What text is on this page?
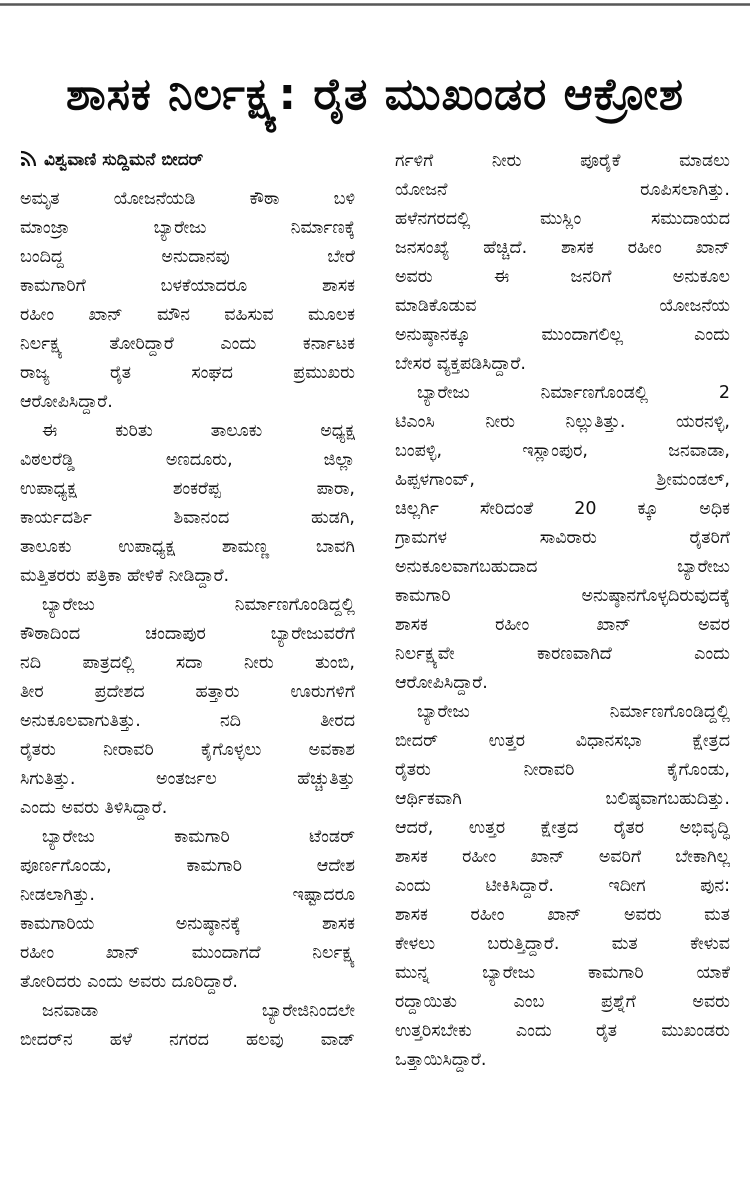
ಶಾಸಕ ನಿರ್ಲಕ್ಷ್ಯ: ರೈತ ಮುಖಂಡರ ಆಕ್ರೋಶ
ವಿಶ್ವವಾಣಿ ಸುದ್ದಿಮನೆ ಬೀದರ್
ಅಮೃತ ಯೋಜನೆಯಡಿ ಕೌಠಾ ಬಳಿ
ಮಾಂಜ್ರಾ ಬ್ಯಾರೇಜು ನಿರ್ಮಾಣಕ್ಕೆ
ಬಂದಿದ್ದ ಅನುದಾನವು ಬೇರೆ
ಕಾಮಗಾರಿಗೆ ಬಳಕೆಯಾದರೂ ಶಾಸಕ
ರಹೀಂ ಖಾನ್ ಮೌನ ವಹಿಸುವ ಮೂಲಕ
ನಿರ್ಲಕ್ಷ್ಯ ತೋರಿದ್ದಾರೆ ಎಂದು ಕರ್ನಾಟಕ
ರಾಜ್ಯ ರೈತ ಸಂಘದ ಪ್ರಮುಖರು
ಆರೋಪಿಸಿದ್ದಾರೆ.
ಈ ಕುರಿತು ತಾಲೂಕು ಅಧ್ಯಕ್ಷ
ವಿಠಲರೆಡ್ಡಿ ಅಣದೂರು, ಜಿಲ್ಲಾ
ಉಪಾಧ್ಯಕ್ಷ ಶಂಕರೆಪ್ಪ ಪಾರಾ,
ಕಾರ್ಯದರ್ಶಿ ಶಿವಾನಂದ ಹುಡಗಿ,
ತಾಲೂಕು ಉಪಾಧ್ಯಕ್ಷ ಶಾಮಣ್ಣ ಬಾವಗಿ
ಮತ್ತಿತರರು ಪತ್ರಿಕಾ ಹೇಳಿಕೆ ನೀಡಿದ್ದಾರೆ.
ಬ್ಯಾರೇಜು ನಿರ್ಮಾಣಗೊಂಡಿದ್ದಲ್ಲಿ
ಕೌಠಾದಿಂದ ಚಂದಾಪುರ ಬ್ಯಾರೇಜುವರೆಗೆ
ನದಿ ಪಾತ್ರದಲ್ಲಿ ಸದಾ ನೀರು ತುಂಬಿ,
ತೀರ ಪ್ರದೇಶದ ಹತ್ತಾರು ಊರುಗಳಿಗೆ
ಅನುಕೂಲವಾಗುತಿತ್ತು. ನದಿ ತೀರದ
ರೈತರು ನೀರಾವರಿ ಕೈಗೊಳ್ಳಲು ಅವಕಾಶ
ಸಿಗುತಿತ್ತು. ಅಂತರ್ಜಲ ಹೆಚ್ಚುತಿತ್ತು
ಎಂದು ಅವರು ತಿಳಿಸಿದ್ದಾರೆ.
ಬ್ಯಾರೇಜು ಕಾಮಗಾರಿ ಟೆಂಡರ್
ಪೂರ್ಣಗೊಂಡು, ಕಾಮಗಾರಿ ಆದೇಶ
ನೀಡಲಾಗಿತ್ತು. ಇಷ್ಟಾದರೂ
ಕಾಮಗಾರಿಯ ಅನುಷ್ಠಾನಕ್ಕೆ ಶಾಸಕ
ರಹೀಂ ಖಾನ್ ಮುಂದಾಗದೆ ನಿರ್ಲಕ್ಷ್ಯ
ತೋರಿದರು ಎಂದು ಅವರು ದೂರಿದ್ದಾರೆ.
ಜನವಾಡಾ ಬ್ಯಾರೇಜಿನಿಂದಲೇ
ಬೀದರ್‌ನ ಹಳೆ ನಗರದ ಹಲವು ವಾಡ್
ರ್ಗಳಿಗೆ ನೀರು ಪೂರೈಕೆ ಮಾಡಲು
ಯೋಜನೆ ರೂಪಿಸಲಾಗಿತ್ತು.
ಹಳೆನಗರದಲ್ಲಿ ಮುಸ್ಲಿಂ ಸಮುದಾಯದ
ಜನಸಂಖ್ಯೆ ಹೆಚ್ಚಿದೆ. ಶಾಸಕ ರಹೀಂ ಖಾನ್
ಅವರು ಈ ಜನರಿಗೆ ಅನುಕೂಲ
ಮಾಡಿಕೊಡುವ ಯೋಜನೆಯ
ಅನುಷ್ಠಾನಕ್ಕೂ ಮುಂದಾಗಲಿಲ್ಲ ಎಂದು
ಬೇಸರ ವ್ಯಕ್ತಪಡಿಸಿದ್ದಾರೆ.
ಬ್ಯಾರೇಜು ನಿರ್ಮಾಣಗೊಂಡಲ್ಲಿ 2
ಟಿಎಂಸಿ ನೀರು ನಿಲ್ಲುತಿತ್ತು. ಯರನಳ್ಳಿ,
ಬಂಪಳ್ಳಿ, ಇಸ್ಲಾಂಪುರ, ಜನವಾಡಾ,
ಹಿಪ್ಪಳಗಾಂವ್, ಶ್ರೀಮಂಡಲ್,
ಚಿಲ್ಲರ್ಗಿ ಸೇರಿದಂತೆ 20 ಕ್ಕೂ ಅಧಿಕ
ಗ್ರಾಮಗಳ ಸಾವಿರಾರು ರೈತರಿಗೆ
ಅನುಕೂಲವಾಗಬಹುದಾದ ಬ್ಯಾರೇಜು
ಕಾಮಗಾರಿ ಅನುಷ್ಠಾನಗೊಳ್ಳದಿರುವುದಕ್ಕೆ
ಶಾಸಕ ರಹೀಂ ಖಾನ್ ಅವರ
ನಿರ್ಲಕ್ಷ್ಯವೇ ಕಾರಣವಾಗಿದೆ ಎಂದು
ಆರೋಪಿಸಿದ್ದಾರೆ.
ಬ್ಯಾರೇಜು ನಿರ್ಮಾಣಗೊಂಡಿದ್ದಲ್ಲಿ
ಬೀದರ್ ಉತ್ತರ ವಿಧಾನಸಭಾ ಕ್ಷೇತ್ರದ
ರೈತರು ನೀರಾವರಿ ಕೈಗೊಂಡು,
ಆರ್ಥಿಕವಾಗಿ ಬಲಿಷ್ಠವಾಗಬಹುದಿತ್ತು.
ಆದರೆ, ಉತ್ತರ ಕ್ಷೇತ್ರದ ರೈತರ ಅಭಿವೃದ್ಧಿ
ಶಾಸಕ ರಹೀಂ ಖಾನ್ ಅವರಿಗೆ ಬೇಕಾಗಿಲ್ಲ
ಎಂದು ಟೀಕಿಸಿದ್ದಾರೆ. ಇದೀಗ ಪುನ:
ಶಾಸಕ ರಹೀಂ ಖಾನ್ ಅವರು ಮತ
ಕೇಳಲು ಬರುತ್ತಿದ್ದಾರೆ. ಮತ ಕೇಳುವ
ಮುನ್ನ ಬ್ಯಾರೇಜು ಕಾಮಗಾರಿ ಯಾಕೆ
ರದ್ದಾಯಿತು ಎಂಬ ಪ್ರಶ್ನೆಗೆ ಅವರು
ಉತ್ತರಿಸಬೇಕು ಎಂದು ರೈತ ಮುಖಂಡರು
ಒತ್ತಾಯಿಸಿದ್ದಾರೆ.
